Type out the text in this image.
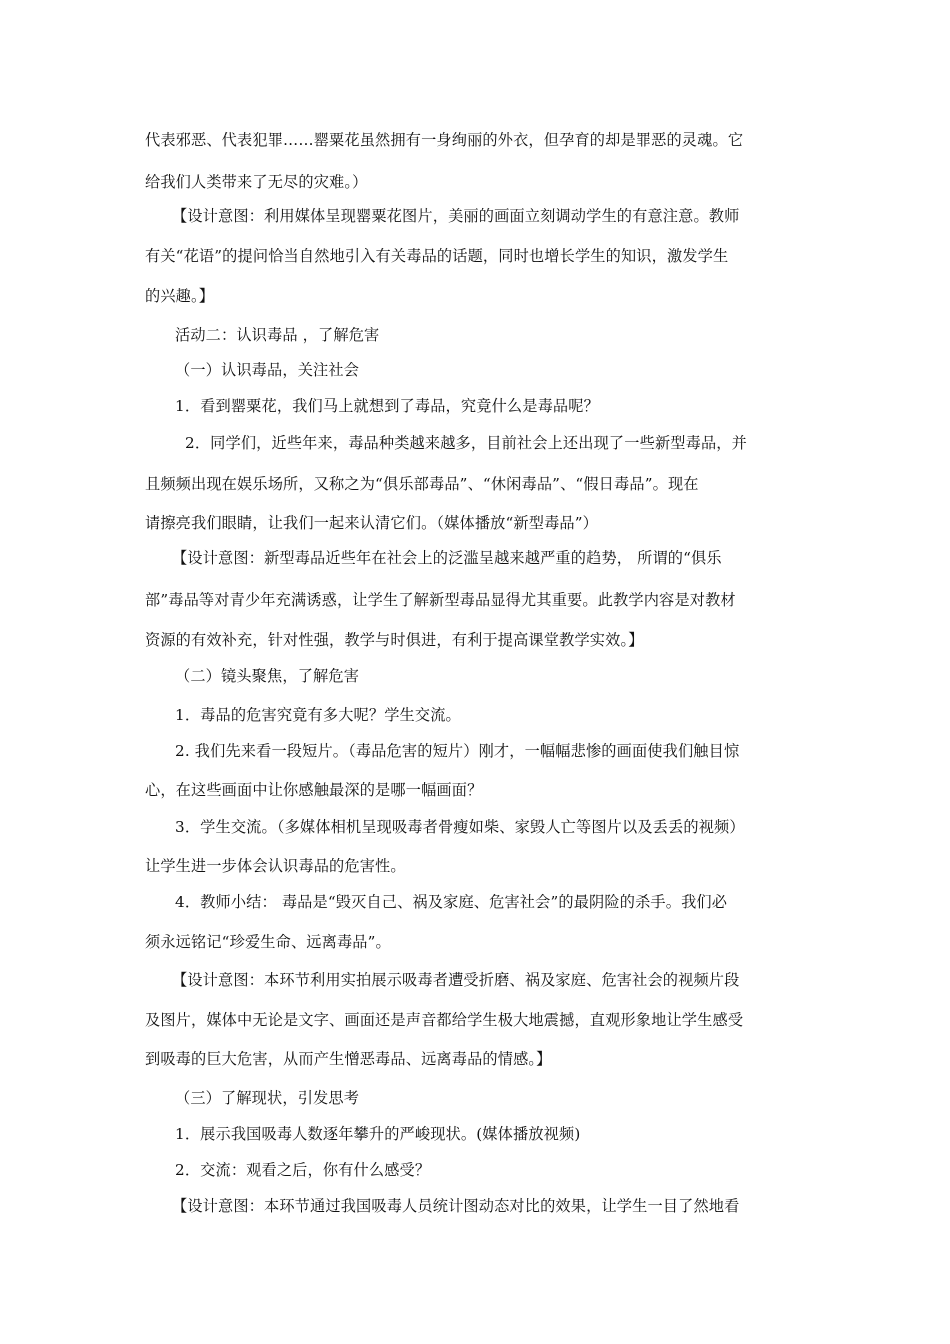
代表邪恶、代表犯罪……罂粟花虽然拥有一身绚丽的外衣，但孕育的却是罪恶的灵魂。它
给我们人类带来了无尽的灾难。）
【设计意图：利用媒体呈现罂粟花图片，美丽的画面立刻调动学生的有意注意。教师
有关“花语”的提问恰当自然地引入有关毒品的话题，同时也增长学生的知识，激发学生
的兴趣。】
活动二：认识毒品 ，了解危害
（一）认识毒品，关注社会
1．看到罂粟花，我们马上就想到了毒品，究竟什么是毒品呢？
2．同学们，近些年来，毒品种类越来越多，目前社会上还出现了一些新型毒品，并
且频频出现在娱乐场所，又称之为“俱乐部毒品”、“休闲毒品”、“假日毒品”。现在
请擦亮我们眼睛，让我们一起来认清它们。（媒体播放“新型毒品”）
【设计意图：新型毒品近些年在社会上的泛滥呈越来越严重的趋势， 所谓的“俱乐
部”毒品等对青少年充满诱惑，让学生了解新型毒品显得尤其重要。此教学内容是对教材
资源的有效补充，针对性强，教学与时俱进，有利于提高课堂教学实效。】
（二）镜头聚焦，了解危害
1．毒品的危害究竟有多大呢？学生交流。
2. 我们先来看一段短片。（毒品危害的短片）刚才，一幅幅悲惨的画面使我们触目惊
心，在这些画面中让你感触最深的是哪一幅画面？
3．学生交流。（多媒体相机呈现吸毒者骨瘦如柴、家毁人亡等图片以及丢丢的视频）
让学生进一步体会认识毒品的危害性。
4．教师小结： 毒品是“毁灭自己、祸及家庭、危害社会”的最阴险的杀手。我们必
须永远铭记“珍爱生命、远离毒品”。
【设计意图：本环节利用实拍展示吸毒者遭受折磨、祸及家庭、危害社会的视频片段
及图片，媒体中无论是文字、画面还是声音都给学生极大地震撼，直观形象地让学生感受
到吸毒的巨大危害，从而产生憎恶毒品、远离毒品的情感。】
（三）了解现状，引发思考
1．展示我国吸毒人数逐年攀升的严峻现状。(媒体播放视频)
2．交流：观看之后，你有什么感受？
【设计意图：本环节通过我国吸毒人员统计图动态对比的效果，让学生一目了然地看
